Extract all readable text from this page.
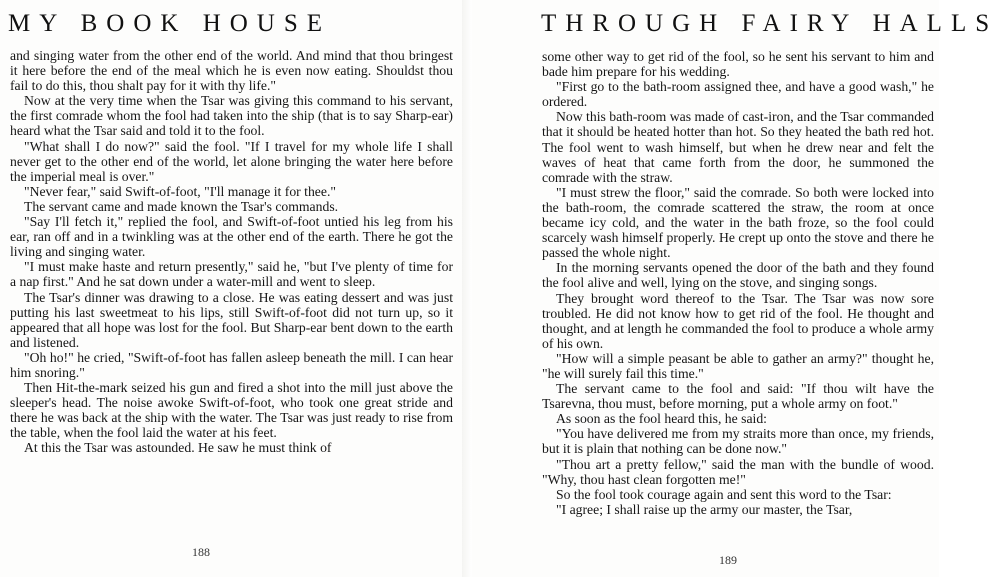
MY BOOK HOUSE

and singing water from the other end of the world. And mind that thou bringest it here before the end of the meal which he is even now eating. Shouldst thou fail to do this, thou shalt pay for it with thy life."

Now at the very time when the Tsar was giving this command to his servant, the first comrade whom the fool had taken into the ship (that is to say Sharp-ear) heard what the Tsar said and told it to the fool.

"What shall I do now?" said the fool. "If I travel for my whole life I shall never get to the other end of the world, let alone bringing the water here before the imperial meal is over."

"Never fear," said Swift-of-foot, "I'll manage it for thee."

The servant came and made known the Tsar's commands.

"Say I'll fetch it," replied the fool, and Swift-of-foot untied his leg from his ear, ran off and in a twinkling was at the other end of the earth. There he got the living and singing water.

"I must make haste and return presently," said he, "but I've plenty of time for a nap first." And he sat down under a water-mill and went to sleep.

The Tsar's dinner was drawing to a close. He was eating dessert and was just putting his last sweetmeat to his lips, still Swift-of-foot did not turn up, so it appeared that all hope was lost for the fool. But Sharp-ear bent down to the earth and listened.

"Oh ho!" he cried, "Swift-of-foot has fallen asleep beneath the mill. I can hear him snoring."

Then Hit-the-mark seized his gun and fired a shot into the mill just above the sleeper's head. The noise awoke Swift-of-foot, who took one great stride and there he was back at the ship with the water. The Tsar was just ready to rise from the table, when the fool laid the water at his feet.

At this the Tsar was astounded. He saw he must think of

188
THROUGH FAIRY HALLS

some other way to get rid of the fool, so he sent his servant to him and bade him prepare for his wedding.

"First go to the bath-room assigned thee, and have a good wash," he ordered.

Now this bath-room was made of cast-iron, and the Tsar commanded that it should be heated hotter than hot. So they heated the bath red hot. The fool went to wash himself, but when he drew near and felt the waves of heat that came forth from the door, he summoned the comrade with the straw.

"I must strew the floor," said the comrade. So both were locked into the bath-room, the comrade scattered the straw, the room at once became icy cold, and the water in the bath froze, so the fool could scarcely wash himself properly. He crept up onto the stove and there he passed the whole night.

In the morning servants opened the door of the bath and they found the fool alive and well, lying on the stove, and singing songs.

They brought word thereof to the Tsar. The Tsar was now sore troubled. He did not know how to get rid of the fool. He thought and thought, and at length he commanded the fool to produce a whole army of his own.

"How will a simple peasant be able to gather an army?" thought he, "he will surely fail this time."

The servant came to the fool and said: "If thou wilt have the Tsarevna, thou must, before morning, put a whole army on foot."

As soon as the fool heard this, he said:

"You have delivered me from my straits more than once, my friends, but it is plain that nothing can be done now."

"Thou art a pretty fellow," said the man with the bundle of wood. "Why, thou hast clean forgotten me!"

So the fool took courage again and sent this word to the Tsar:

"I agree; I shall raise up the army our master, the Tsar,

189
